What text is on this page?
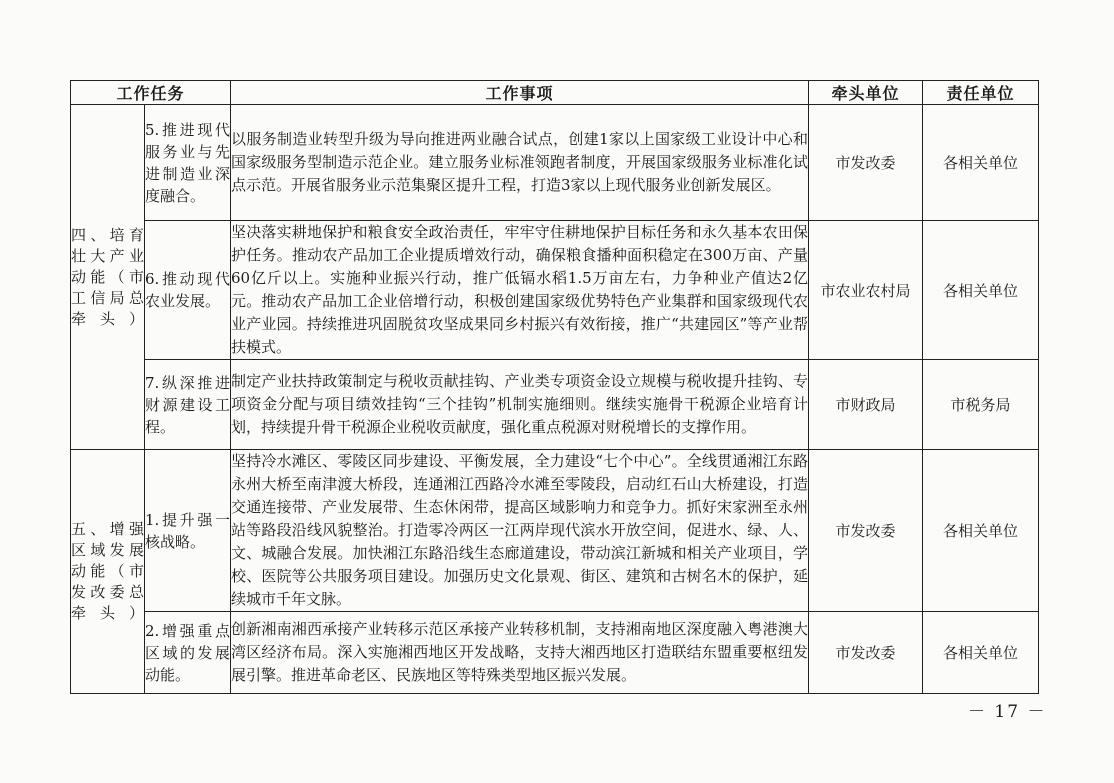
工作任务		工作事项	牵头单位	责任单位
四、培育壮大产业动能（市工信局总牵头）	5.推进现代服务业与先进制造业深度融合。	以服务制造业转型升级为导向推进两业融合试点，创建1家以上国家级工业设计中心和国家级服务型制造示范企业。建立服务业标准领跑者制度，开展国家级服务业标准化试点示范。开展省服务业示范集聚区提升工程，打造3家以上现代服务业创新发展区。	市发改委	各相关单位
	6.推动现代农业发展。	坚决落实耕地保护和粮食安全政治责任，牢牢守住耕地保护目标任务和永久基本农田保护任务。推动农产品加工企业提质增效行动，确保粮食播种面积稳定在300万亩、产量60亿斤以上。实施种业振兴行动，推广低镉水稻1.5万亩左右，力争种业产值达2亿元。推动农产品加工企业倍增行动，积极创建国家级优势特色产业集群和国家级现代农业产业园。持续推进巩固脱贫攻坚成果同乡村振兴有效衔接，推广“共建园区”等产业帮扶模式。	市农业农村局	各相关单位
	7.纵深推进财源建设工程。	制定产业扶持政策制定与税收贡献挂钩、产业类专项资金设立规模与税收提升挂钩、专项资金分配与项目绩效挂钩“三个挂钩”机制实施细则。继续实施骨干税源企业培育计划，持续提升骨干税源企业税收贡献度，强化重点税源对财税增长的支撑作用。	市财政局	市税务局
五、增强区域发展动能（市发改委总牵头）	1.提升强一核战略。	坚持冷水滩区、零陵区同步建设、平衡发展，全力建设“七个中心”。全线贯通湘江东路永州大桥至南津渡大桥段，连通湘江西路冷水滩至零陵段，启动红石山大桥建设，打造交通连接带、产业发展带、生态休闲带，提高区域影响力和竞争力。抓好宋家洲至永州站等路段沿线风貌整治。打造零冷两区一江两岸现代滨水开放空间，促进水、绿、人、文、城融合发展。加快湘江东路沿线生态廊道建设，带动滨江新城和相关产业项目，学校、医院等公共服务项目建设。加强历史文化景观、街区、建筑和古树名木的保护，延续城市千年文脉。	市发改委	各相关单位
	2.增强重点区域的发展动能。	创新湘南湘西承接产业转移示范区承接产业转移机制，支持湘南地区深度融入粤港澳大湾区经济布局。深入实施湘西地区开发战略，支持大湘西地区打造联结东盟重要枢纽发展引擎。推进革命老区、民族地区等特殊类型地区振兴发展。	市发改委	各相关单位
－ 17 －
